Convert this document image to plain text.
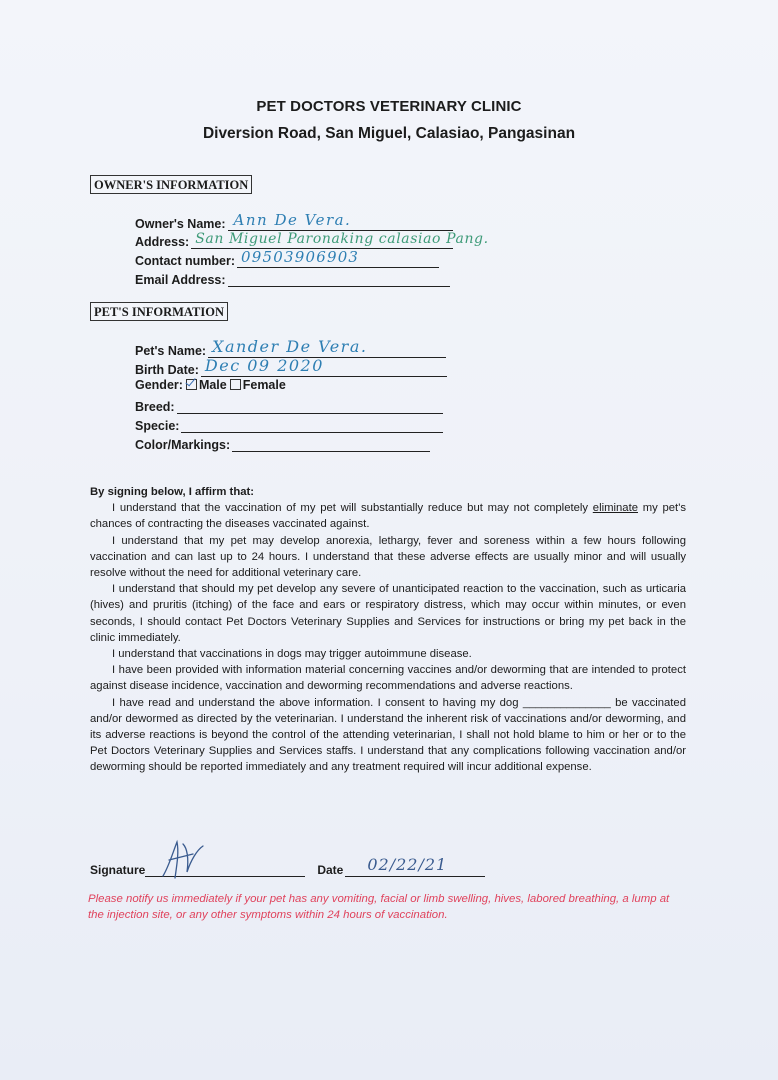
PET DOCTORS VETERINARY CLINIC
Diversion Road, San Miguel, Calasiao, Pangasinan
OWNER'S INFORMATION
Owner's Name: Ann De Vera.
Address: San Miguel Paronaking calasiao Pang.
Contact number: 09503906903
Email Address:
PET'S INFORMATION
Pet's Name: Xander De Vera.
Birth Date: Dec 09 2020
Gender: Male Female
Breed:
Specie:
Color/Markings:
By signing below, I affirm that:

I understand that the vaccination of my pet will substantially reduce but may not completely eliminate my pet's chances of contracting the diseases vaccinated against.

I understand that my pet may develop anorexia, lethargy, fever and soreness within a few hours following vaccination and can last up to 24 hours. I understand that these adverse effects are usually minor and will usually resolve without the need for additional veterinary care.

I understand that should my pet develop any severe of unanticipated reaction to the vaccination, such as urticaria (hives) and pruritis (itching) of the face and ears or respiratory distress, which may occur within minutes, or even seconds, I should contact Pet Doctors Veterinary Supplies and Services for instructions or bring my pet back in the clinic immediately.

I understand that vaccinations in dogs may trigger autoimmune disease.

I have been provided with information material concerning vaccines and/or deworming that are intended to protect against disease incidence, vaccination and deworming recommendations and adverse reactions.

I have read and understand the above information. I consent to having my dog ______________ be vaccinated and/or dewormed as directed by the veterinarian. I understand the inherent risk of vaccinations and/or deworming, and its adverse reactions is beyond the control of the attending veterinarian, I shall not hold blame to him or her or to the Pet Doctors Veterinary Supplies and Services staffs. I understand that any complications following vaccination and/or deworming should be reported immediately and any treatment required will incur additional expense.

Signature	Date 02/22/21
Please notify us immediately if your pet has any vomiting, facial or limb swelling, hives, labored breathing, a lump at the injection site, or any other symptoms within 24 hours of vaccination.
